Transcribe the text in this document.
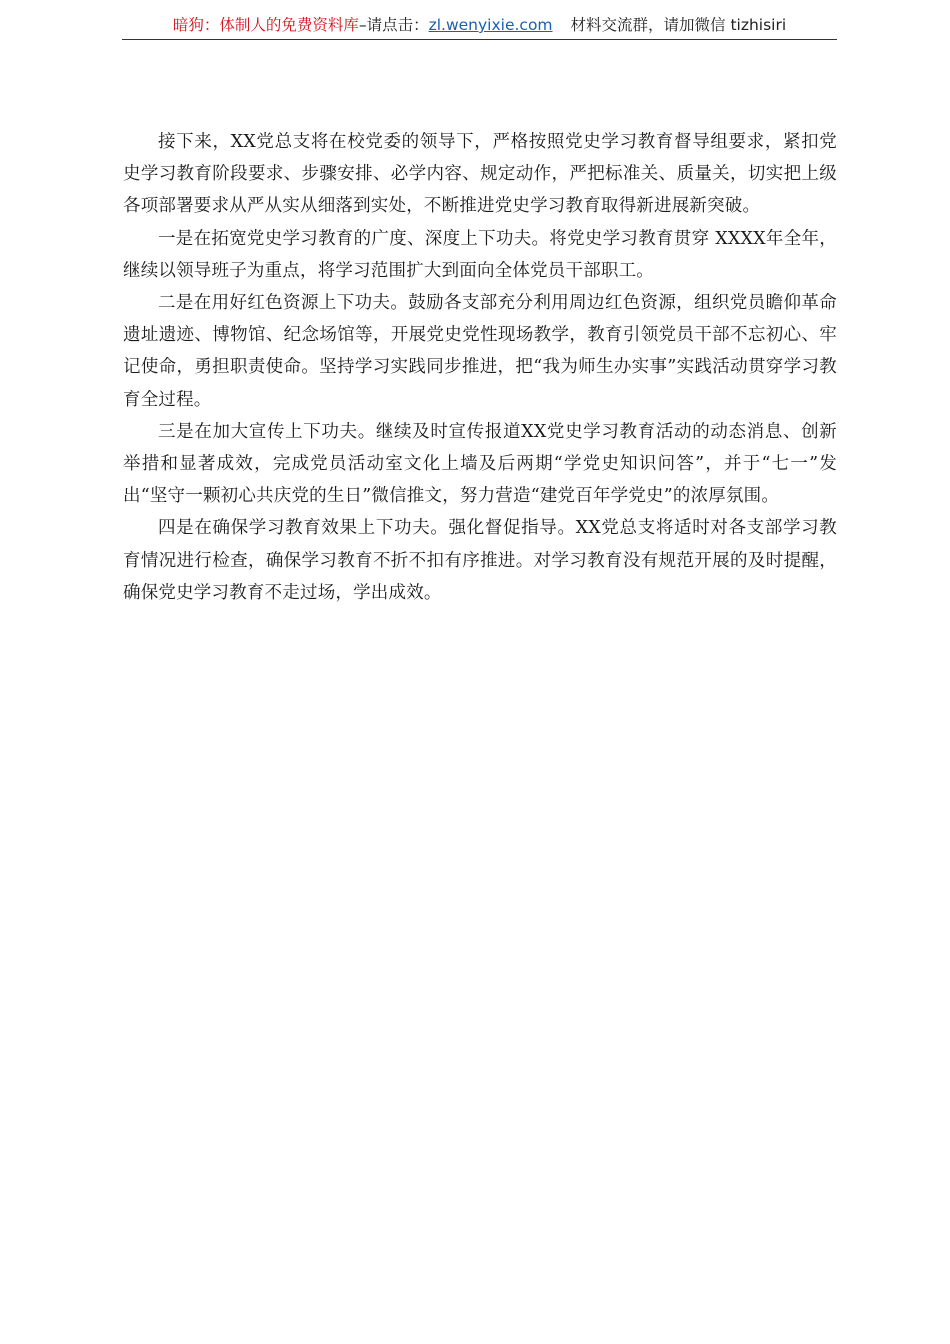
暗狗：体制人的免费资料库–请点击：zl.wenyixie.com 材料交流群，请加微信 tizhisiri

接下来，XX党总支将在校党委的领导下，严格按照党史学习教育督导组要求，紧扣党史学习教育阶段要求、步骤安排、必学内容、规定动作，严把标准关、质量关，切实把上级各项部署要求从严从实从细落到实处，不断推进党史学习教育取得新进展新突破。

一是在拓宽党史学习教育的广度、深度上下功夫。将党史学习教育贯穿 XXXX年全年，继续以领导班子为重点，将学习范围扩大到面向全体党员干部职工。

二是在用好红色资源上下功夫。鼓励各支部充分利用周边红色资源，组织党员瞻仰革命遗址遗迹、博物馆、纪念场馆等，开展党史党性现场教学，教育引领党员干部不忘初心、牢记使命，勇担职责使命。坚持学习实践同步推进，把“我为师生办实事”实践活动贯穿学习教育全过程。

三是在加大宣传上下功夫。继续及时宣传报道XX党史学习教育活动的动态消息、创新举措和显著成效，完成党员活动室文化上墙及后两期“学党史知识问答”，并于“七一”发出“坚守一颗初心共庆党的生日”微信推文，努力营造“建党百年学党史”的浓厚氛围。

四是在确保学习教育效果上下功夫。强化督促指导。XX党总支将适时对各支部学习教育情况进行检查，确保学习教育不折不扣有序推进。对学习教育没有规范开展的及时提醒，确保党史学习教育不走过场，学出成效。
